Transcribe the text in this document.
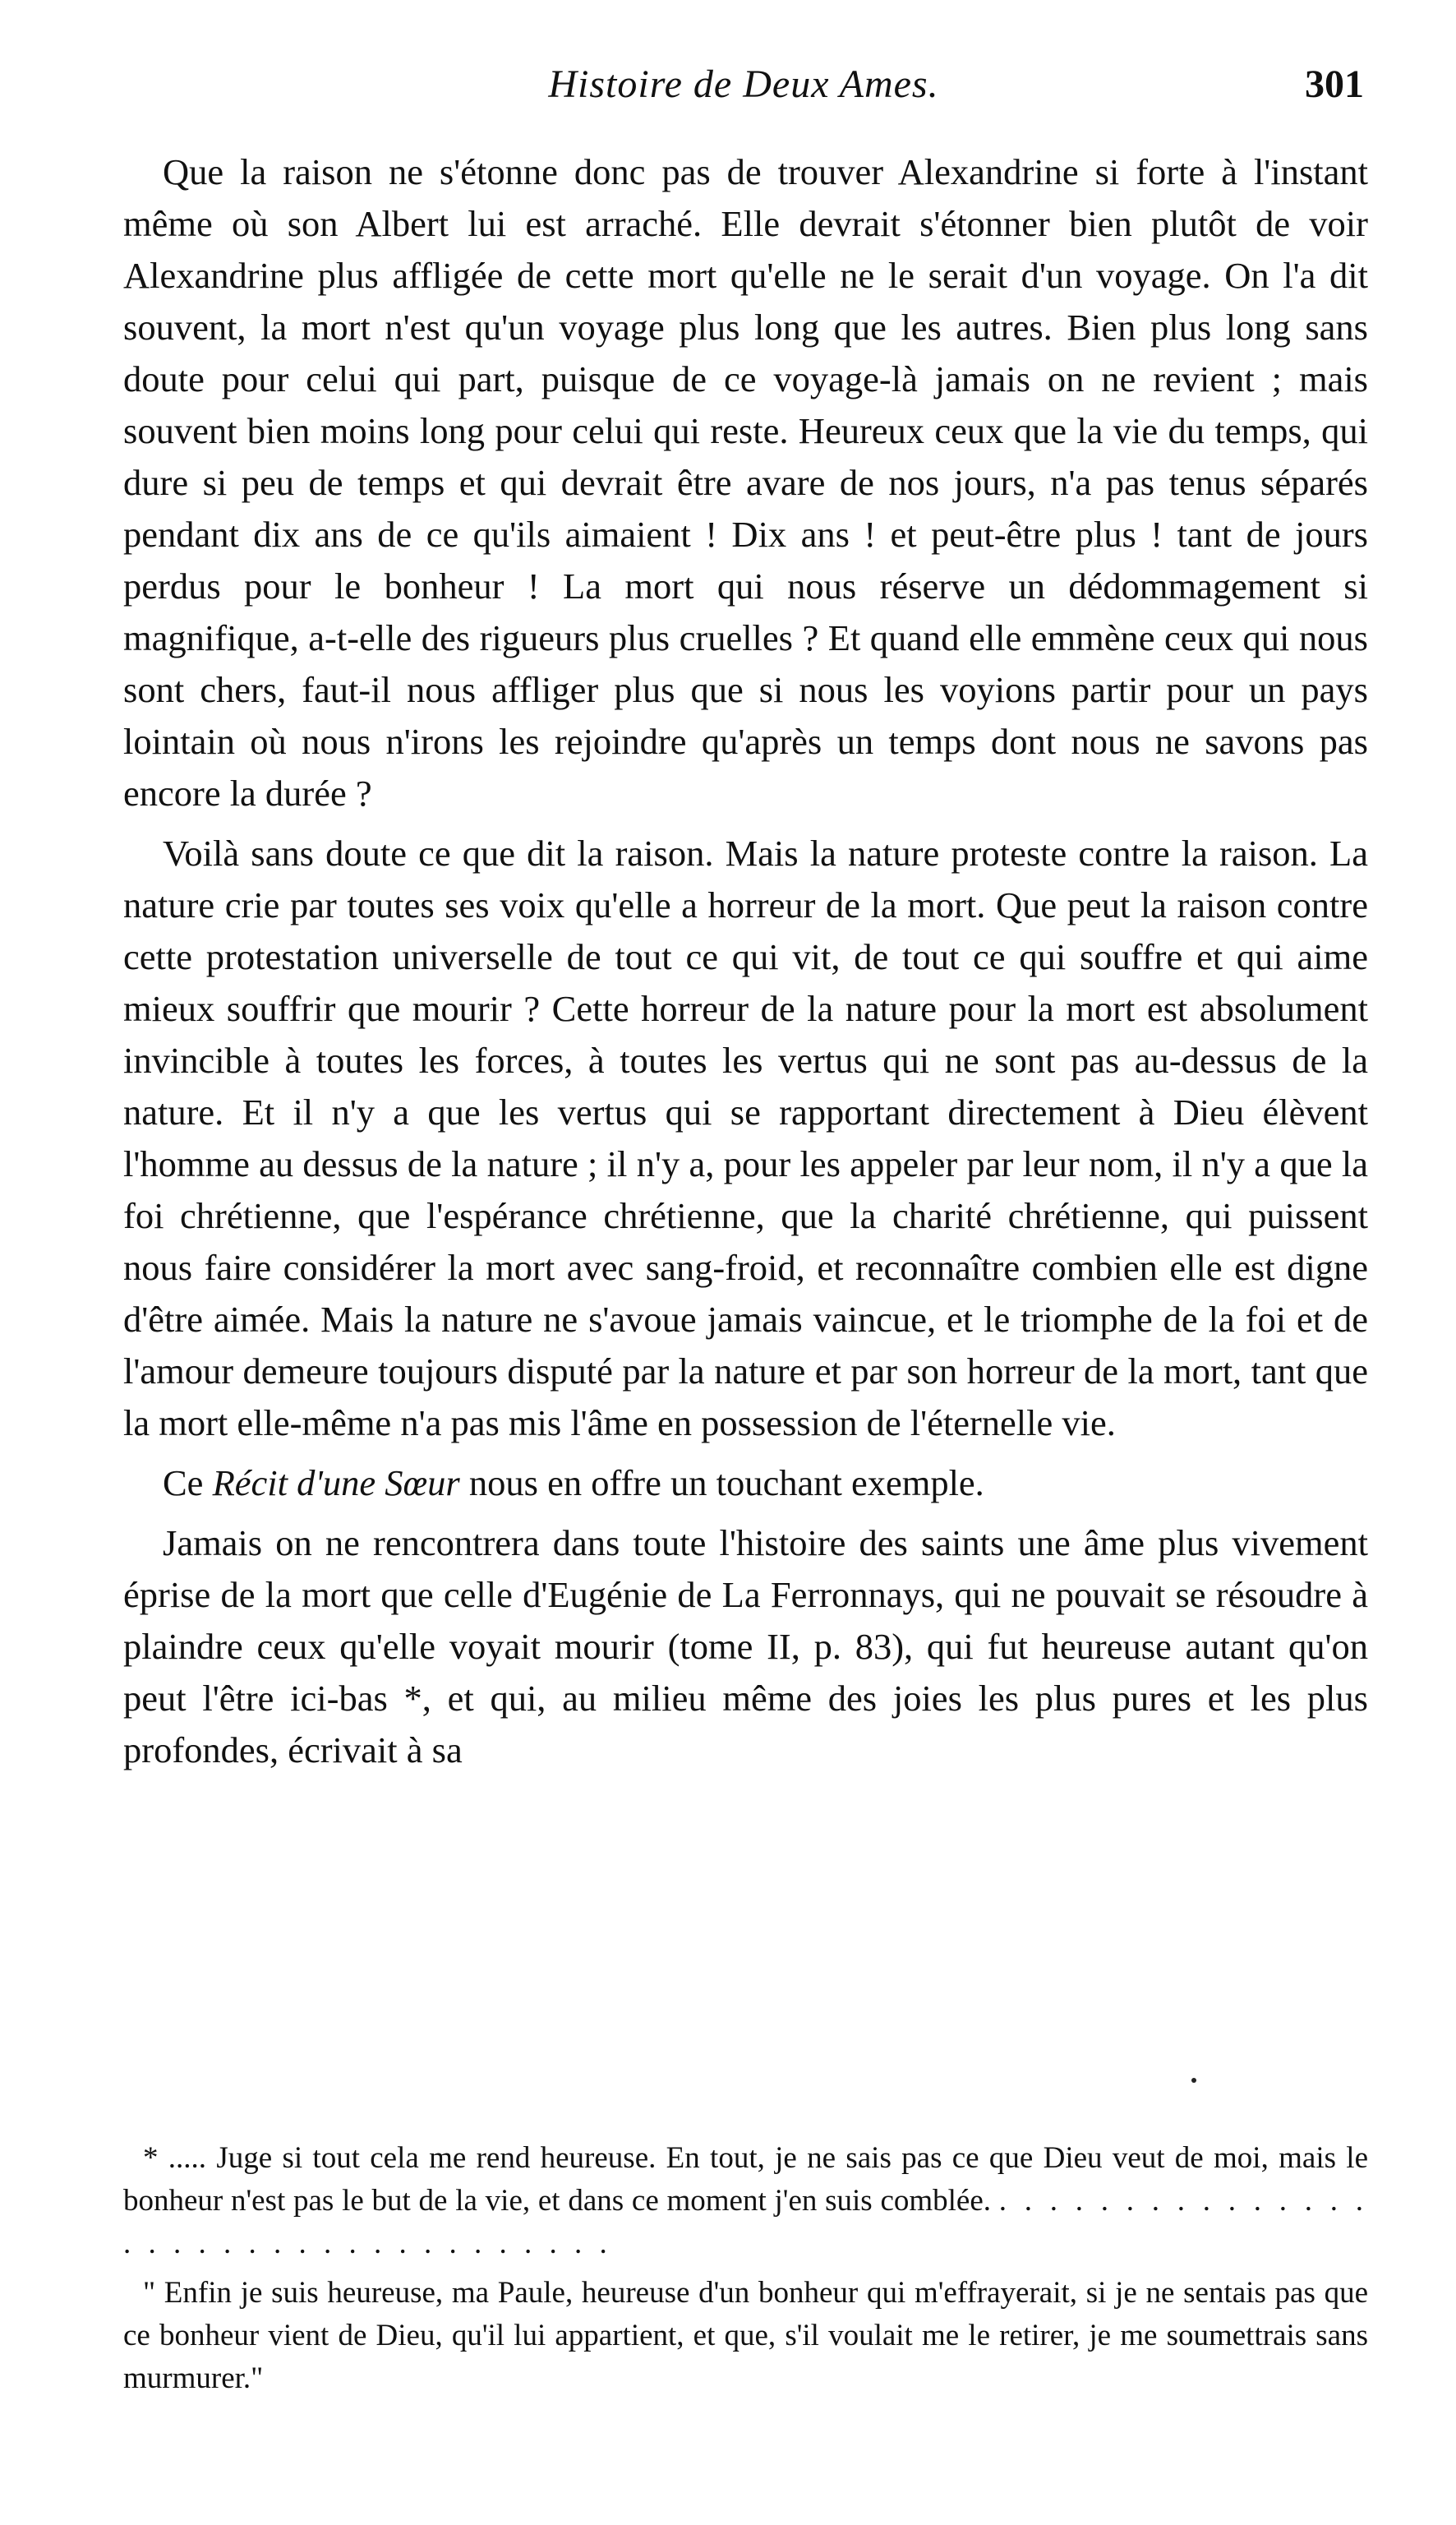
Histoire de Deux Ames.	301

Que la raison ne s'étonne donc pas de trouver Alexandrine si forte à l'instant même où son Albert lui est arraché. Elle devrait s'étonner bien plutôt de voir Alexandrine plus affligée de cette mort qu'elle ne le serait d'un voyage. On l'a dit souvent, la mort n'est qu'un voyage plus long que les autres. Bien plus long sans doute pour celui qui part, puisque de ce voyage-là jamais on ne revient ; mais souvent bien moins long pour celui qui reste. Heureux ceux que la vie du temps, qui dure si peu de temps et qui devrait être avare de nos jours, n'a pas tenus séparés pendant dix ans de ce qu'ils aimaient ! Dix ans ! et peut-être plus ! tant de jours perdus pour le bonheur ! La mort qui nous réserve un dédommagement si magnifique, a-t-elle des rigueurs plus cruelles ? Et quand elle emmène ceux qui nous sont chers, faut-il nous affliger plus que si nous les voyions partir pour un pays lointain où nous n'irons les rejoindre qu'après un temps dont nous ne savons pas encore la durée ?

Voilà sans doute ce que dit la raison. Mais la nature proteste contre la raison. La nature crie par toutes ses voix qu'elle a horreur de la mort. Que peut la raison contre cette protestation universelle de tout ce qui vit, de tout ce qui souffre et qui aime mieux souffrir que mourir ? Cette horreur de la nature pour la mort est absolument invincible à toutes les forces, à toutes les vertus qui ne sont pas au-dessus de la nature. Et il n'y a que les vertus qui se rapportant directement à Dieu élèvent l'homme au dessus de la nature ; il n'y a, pour les appeler par leur nom, il n'y a que la foi chrétienne, que l'espérance chrétienne, que la charité chrétienne, qui puissent nous faire considérer la mort avec sang-froid, et reconnaître combien elle est digne d'être aimée. Mais la nature ne s'avoue jamais vaincue, et le triomphe de la foi et de l'amour demeure toujours disputé par la nature et par son horreur de la mort, tant que la mort elle-même n'a pas mis l'âme en possession de l'éternelle vie.

Ce Récit d'une Sœur nous en offre un touchant exemple.

Jamais on ne rencontrera dans toute l'histoire des saints une âme plus vivement éprise de la mort que celle d'Eugénie de La Ferronnays, qui ne pouvait se résoudre à plaindre ceux qu'elle voyait mourir (tome II, p. 83), qui fut heureuse autant qu'on peut l'être ici-bas *, et qui, au milieu même des joies les plus pures et les plus profondes, écrivait à sa

* ..... Juge si tout cela me rend heureuse. En tout, je ne sais pas ce que Dieu veut de moi, mais le bonheur n'est pas le but de la vie, et dans ce moment j'en suis comblée. . . . . . . . . . . . . . . . . . . . . . . . . . . . . . . . . . . .

" Enfin je suis heureuse, ma Paule, heureuse d'un bonheur qui m'effrayerait, si je ne sentais pas que ce bonheur vient de Dieu, qu'il lui appartient, et que, s'il voulait me le retirer, je me soumettrais sans murmurer."
